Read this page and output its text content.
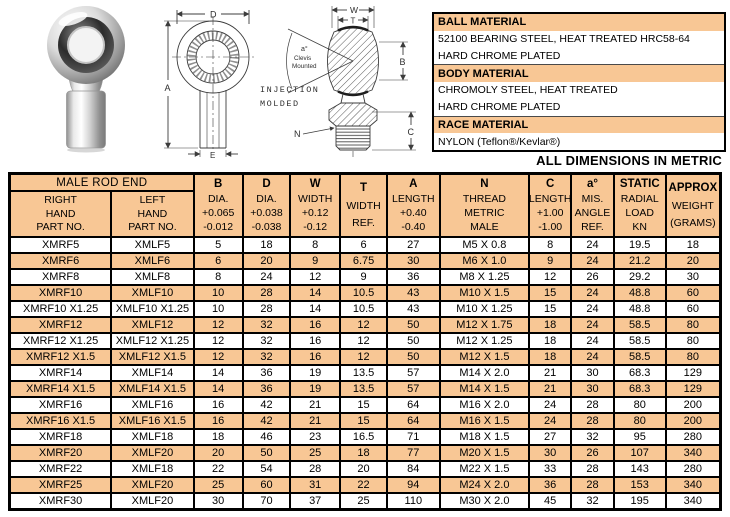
D
A
E
W
T
B
a°
Clevis
Mounted
N	C
INJECTION
MOLDED
BALL MATERIAL
52100 BEARING STEEL, HEAT TREATED HRC58-64
HARD CHROME PLATED
BODY MATERIAL
CHROMOLY STEEL, HEAT TREATED
HARD CHROME PLATED
RACE MATERIAL
NYLON (Teflon®/Kevlar®)
ALL DIMENSIONS IN METRIC
MALE ROD END	B
DIA.
+0.065
-0.012

D
DIA.
+0.038
-0.038

W
WIDTH
+0.12
-0.12

T
WIDTH
REF.

A
LENGTH
+0.40
-0.40

N
THREAD
METRIC
MALE

C
LENGTH
+1.00
-1.00

a°
MIS.
ANGLE
REF.

STATIC
RADIAL
LOAD
KN

APPROX
WEIGHT
(GRAMS)

RIGHT
HAND
PART NO.

LEFT
HAND
PART NO.

XMRF5	XMLF5	5	18	8	6	27	M5 X 0.8	8	24	19.5	18
XMRF6	XMLF6	6	20	9	6.75	30	M6 X 1.0	9	24	21.2	20
XMRF8	XMLF8	8	24	12	9	36	M8 X 1.25	12	26	29.2	30
XMRF10	XMLF10	10	28	14	10.5	43	M10 X 1.5	15	24	48.8	60
XMRF10 X1.25	XMLF10 X1.25	10	28	14	10.5	43	M10 X 1.25	15	24	48.8	60
XMRF12	XMLF12	12	32	16	12	50	M12 X 1.75	18	24	58.5	80
XMRF12 X1.25	XMLF12 X1.25	12	32	16	12	50	M12 X 1.25	18	24	58.5	80
XMRF12 X1.5	XMLF12 X1.5	12	32	16	12	50	M12 X 1.5	18	24	58.5	80
XMRF14	XMLF14	14	36	19	13.5	57	M14 X 2.0	21	30	68.3	129
XMRF14 X1.5	XMLF14 X1.5	14	36	19	13.5	57	M14 X 1.5	21	30	68.3	129
XMRF16	XMLF16	16	42	21	15	64	M16 X 2.0	24	28	80	200
XMRF16 X1.5	XMLF16 X1.5	16	42	21	15	64	M16 X 1.5	24	28	80	200
XMRF18	XMLF18	18	46	23	16.5	71	M18 X 1.5	27	32	95	280
XMRF20	XMLF20	20	50	25	18	77	M20 X 1.5	30	26	107	340
XMRF22	XMLF18	22	54	28	20	84	M22 X 1.5	33	28	143	280
XMRF25	XMLF20	25	60	31	22	94	M24 X 2.0	36	28	153	340
XMRF30	XMLF20	30	70	37	25	110	M30 X 2.0	45	32	195	340
